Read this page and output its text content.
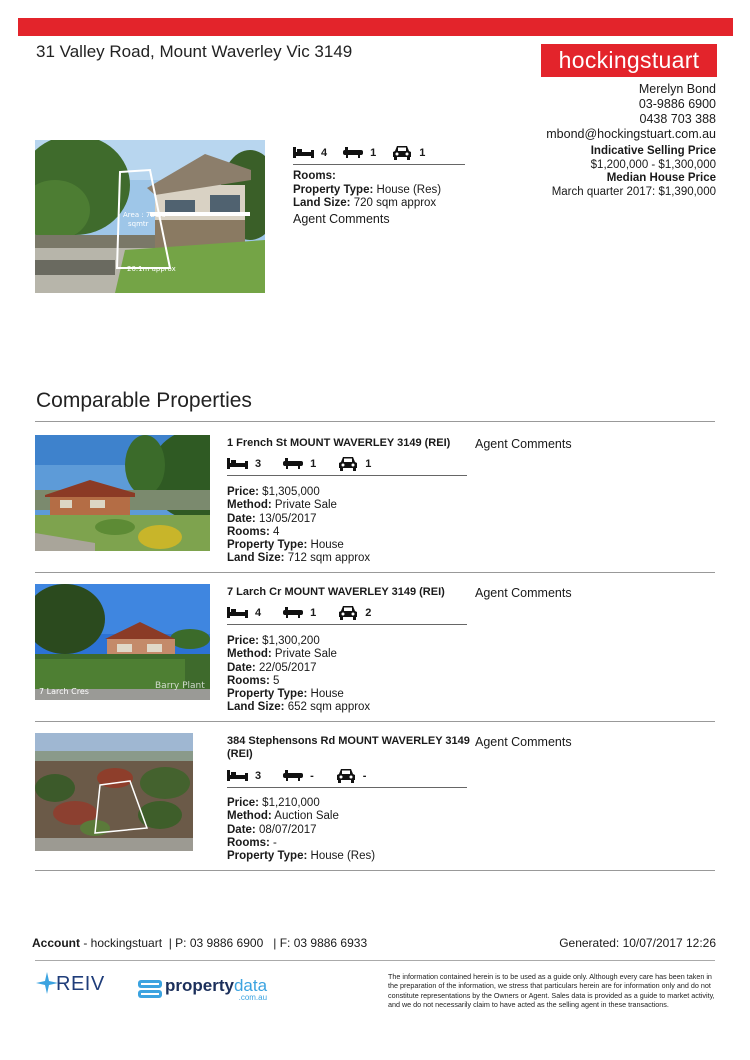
31 Valley Road, Mount Waverley Vic 3149	hockingstuart
Merelyn Bond
03-9886 6900
0438 703 388
mbond@hockingstuart.com.au
Indicative Selling Price
$1,200,000 - $1,300,000
Median House Price
March quarter 2017: $1,390,000
Area : 721.0
sqmtr
20.1m approx
4	1	1
Rooms:
Property Type: House (Res)
Land Size: 720 sqm approx
Agent Comments
Comparable Properties
1 French St MOUNT WAVERLEY 3149 (REI)
3	1	1
Price: $1,305,000
Method: Private Sale
Date: 13/05/2017
Rooms: 4
Property Type: House
Land Size: 712 sqm approx
Agent Comments
7 Larch Cres
Barry Plant
7 Larch Cr MOUNT WAVERLEY 3149 (REI)
4	1	2
Price: $1,300,200
Method: Private Sale
Date: 22/05/2017
Rooms: 5
Property Type: House
Land Size: 652 sqm approx
Agent Comments
384 Stephensons Rd MOUNT WAVERLEY 3149 (REI)
3	-	-
Price: $1,210,000
Method: Auction Sale
Date: 08/07/2017
Rooms: -
Property Type: House (Res)
Agent Comments
Account - hockingstuart | P: 03 9886 6900 | F: 03 9886 6933	Generated: 10/07/2017 12:26
REIV	propertydata
.com.au
The information contained herein is to be used as a guide only. Although every care has been taken in the preparation of the information, we stress that particulars herein are for information only and do not constitute representations by the Owners or Agent. Sales data is provided as a guide to market activity, and we do not necessarily claim to have acted as the selling agent in these transactions.
